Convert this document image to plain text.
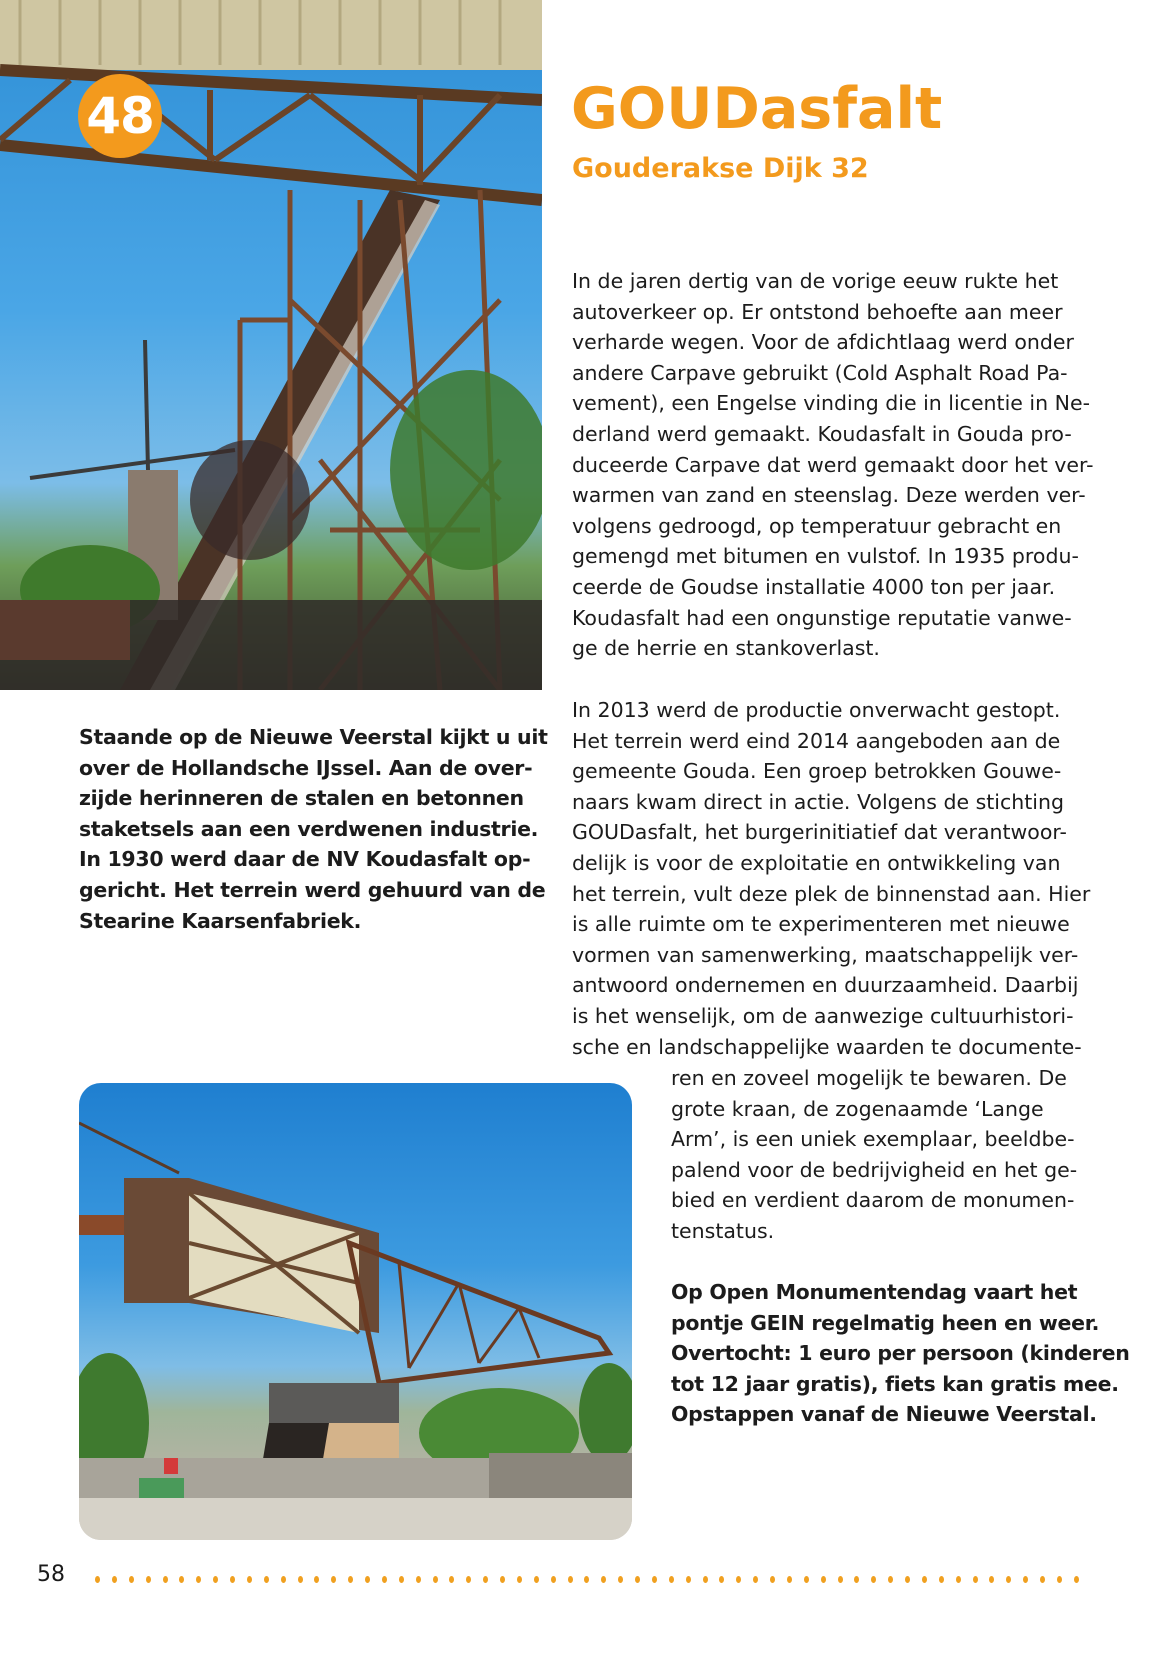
48	GOUDasfalt
Gouderakse Dijk 32
In de jaren dertig van de vorige eeuw rukte het
autoverkeer op. Er ontstond behoefte aan meer
verharde wegen. Voor de afdichtlaag werd onder
andere Carpave gebruikt (Cold Asphalt Road Pa-
vement), een Engelse vinding die in licentie in Ne-
derland werd gemaakt. Koudasfalt in Gouda pro-
duceerde Carpave dat werd gemaakt door het ver-
warmen van zand en steenslag. Deze werden ver-
volgens gedroogd, op temperatuur gebracht en
gemengd met bitumen en vulstof. In 1935 produ-
ceerde de Goudse installatie 4000 ton per jaar.
Koudasfalt had een ongunstige reputatie vanwe-
ge de herrie en stankoverlast.
In 2013 werd de productie onverwacht gestopt.
Het terrein werd eind 2014 aangeboden aan de
gemeente Gouda. Een groep betrokken Gouwe-
naars kwam direct in actie. Volgens de stichting
GOUDasfalt, het burgerinitiatief dat verantwoor-
delijk is voor de exploitatie en ontwikkeling van
het terrein, vult deze plek de binnenstad aan. Hier
is alle ruimte om te experimenteren met nieuwe
vormen van samenwerking, maatschappelijk ver-
antwoord ondernemen en duurzaamheid. Daarbij
is het wenselijk, om de aanwezige cultuurhistori-
sche en landschappelijke waarden te documente-
ren en zoveel mogelijk te bewaren. De
grote kraan, de zogenaamde ‘Lange
Arm’, is een uniek exemplaar, beeldbe-
palend voor de bedrijvigheid en het ge-
bied en verdient daarom de monumen-
tenstatus.
Staande op de Nieuwe Veerstal kijkt u uit
over de Hollandsche IJssel. Aan de over-
zijde herinneren de stalen en betonnen
staketsels aan een verdwenen industrie.
In 1930 werd daar de NV Koudasfalt op-
gericht. Het terrein werd gehuurd van de
Stearine Kaarsenfabriek.
Op Open Monumentendag vaart het
pontje GEIN regelmatig heen en weer.
Overtocht: 1 euro per persoon (kinderen
tot 12 jaar gratis), fiets kan gratis mee.
Opstappen vanaf de Nieuwe Veerstal.
58
